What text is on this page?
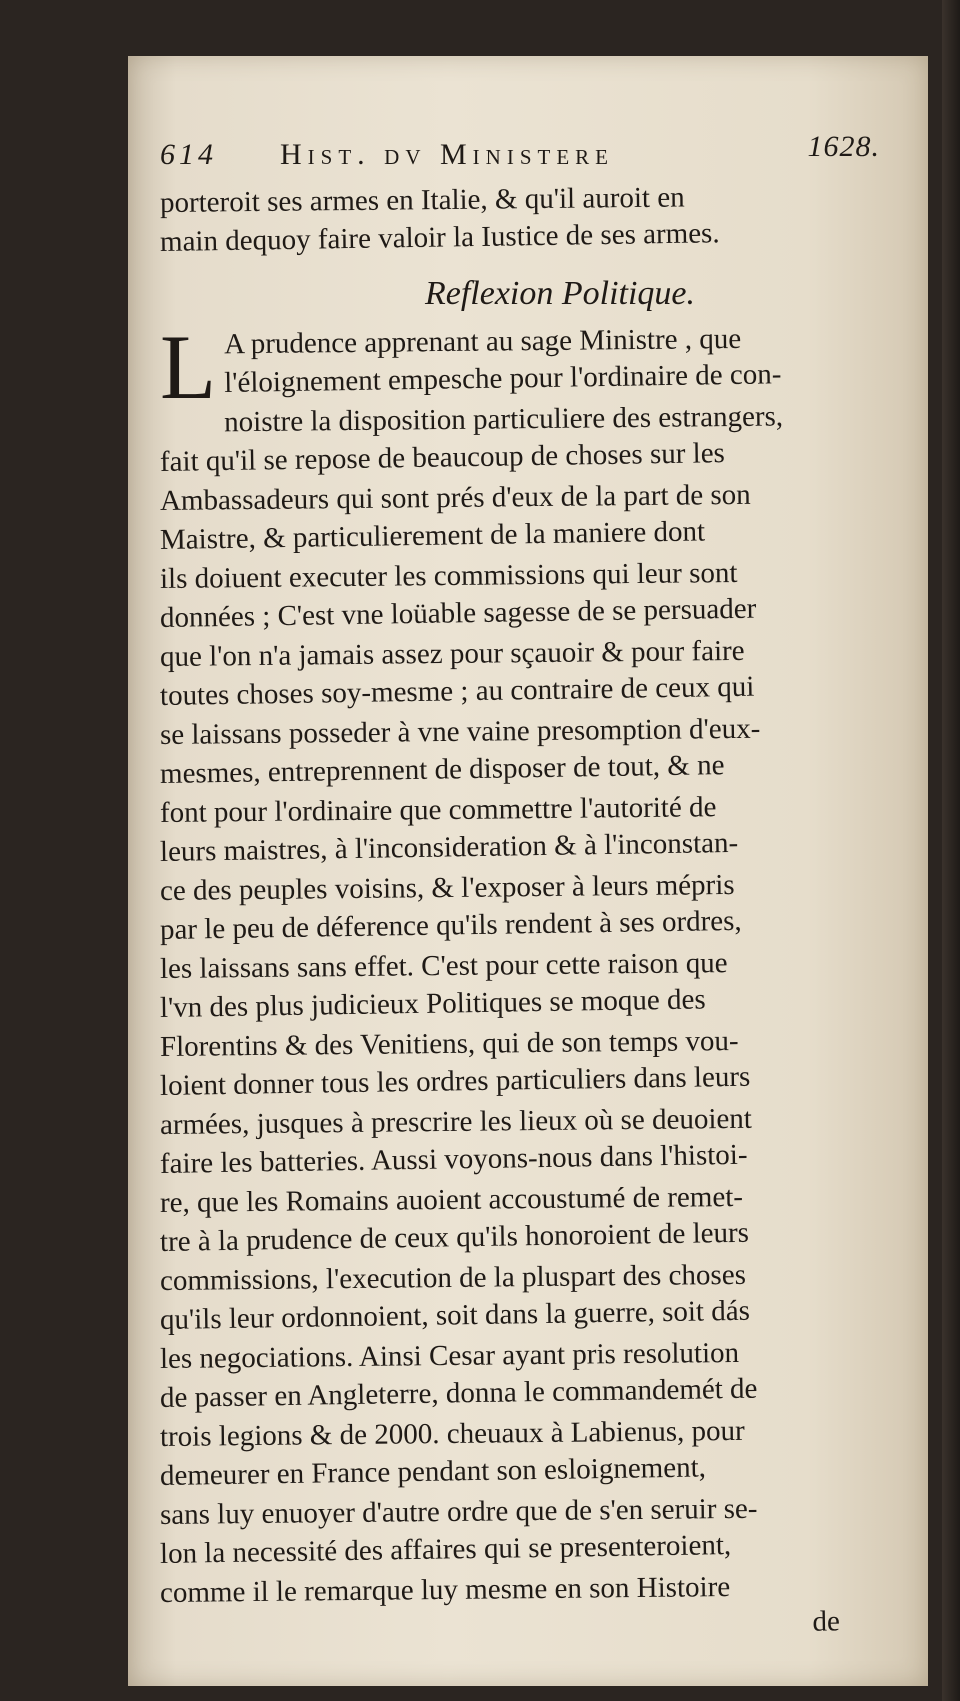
614 Hist. dv Ministere	1628.
porteroit ses armes en Italie, & qu'il auroit en
main dequoy faire valoir la Iustice de ses armes.
Reflexion Politique.
L A prudence apprenant au sage Ministre , que
l'éloignement empesche pour l'ordinaire de con-
noistre la disposition particuliere des estrangers,
fait qu'il se repose de beaucoup de choses sur les
Ambassadeurs qui sont prés d'eux de la part de son
Maistre, & particulierement de la maniere dont
ils doiuent executer les commissions qui leur sont
données ; C'est vne loüable sagesse de se persuader
que l'on n'a jamais assez pour sçauoir & pour faire
toutes choses soy-mesme ; au contraire de ceux qui
se laissans posseder à vne vaine presomption d'eux-
mesmes, entreprennent de disposer de tout, & ne
font pour l'ordinaire que commettre l'autorité de
leurs maistres, à l'inconsideration & à l'inconstan-
ce des peuples voisins, & l'exposer à leurs mépris
par le peu de déference qu'ils rendent à ses ordres,
les laissans sans effet. C'est pour cette raison que
l'vn des plus judicieux Politiques se moque des
Florentins & des Venitiens, qui de son temps vou-
loient donner tous les ordres particuliers dans leurs
armées, jusques à prescrire les lieux où se deuoient
faire les batteries. Aussi voyons-nous dans l'histoi-
re, que les Romains auoient accoustumé de remet-
tre à la prudence de ceux qu'ils honoroient de leurs
commissions, l'execution de la pluspart des choses
qu'ils leur ordonnoient, soit dans la guerre, soit dás
les negociations. Ainsi Cesar ayant pris resolution
de passer en Angleterre, donna le commandemét de
trois legions & de 2000. cheuaux à Labienus, pour
demeurer en France pendant son esloignement,
sans luy enuoyer d'autre ordre que de s'en seruir se-
lon la necessité des affaires qui se presenteroient,
comme il le remarque luy mesme en son Histoire
de
